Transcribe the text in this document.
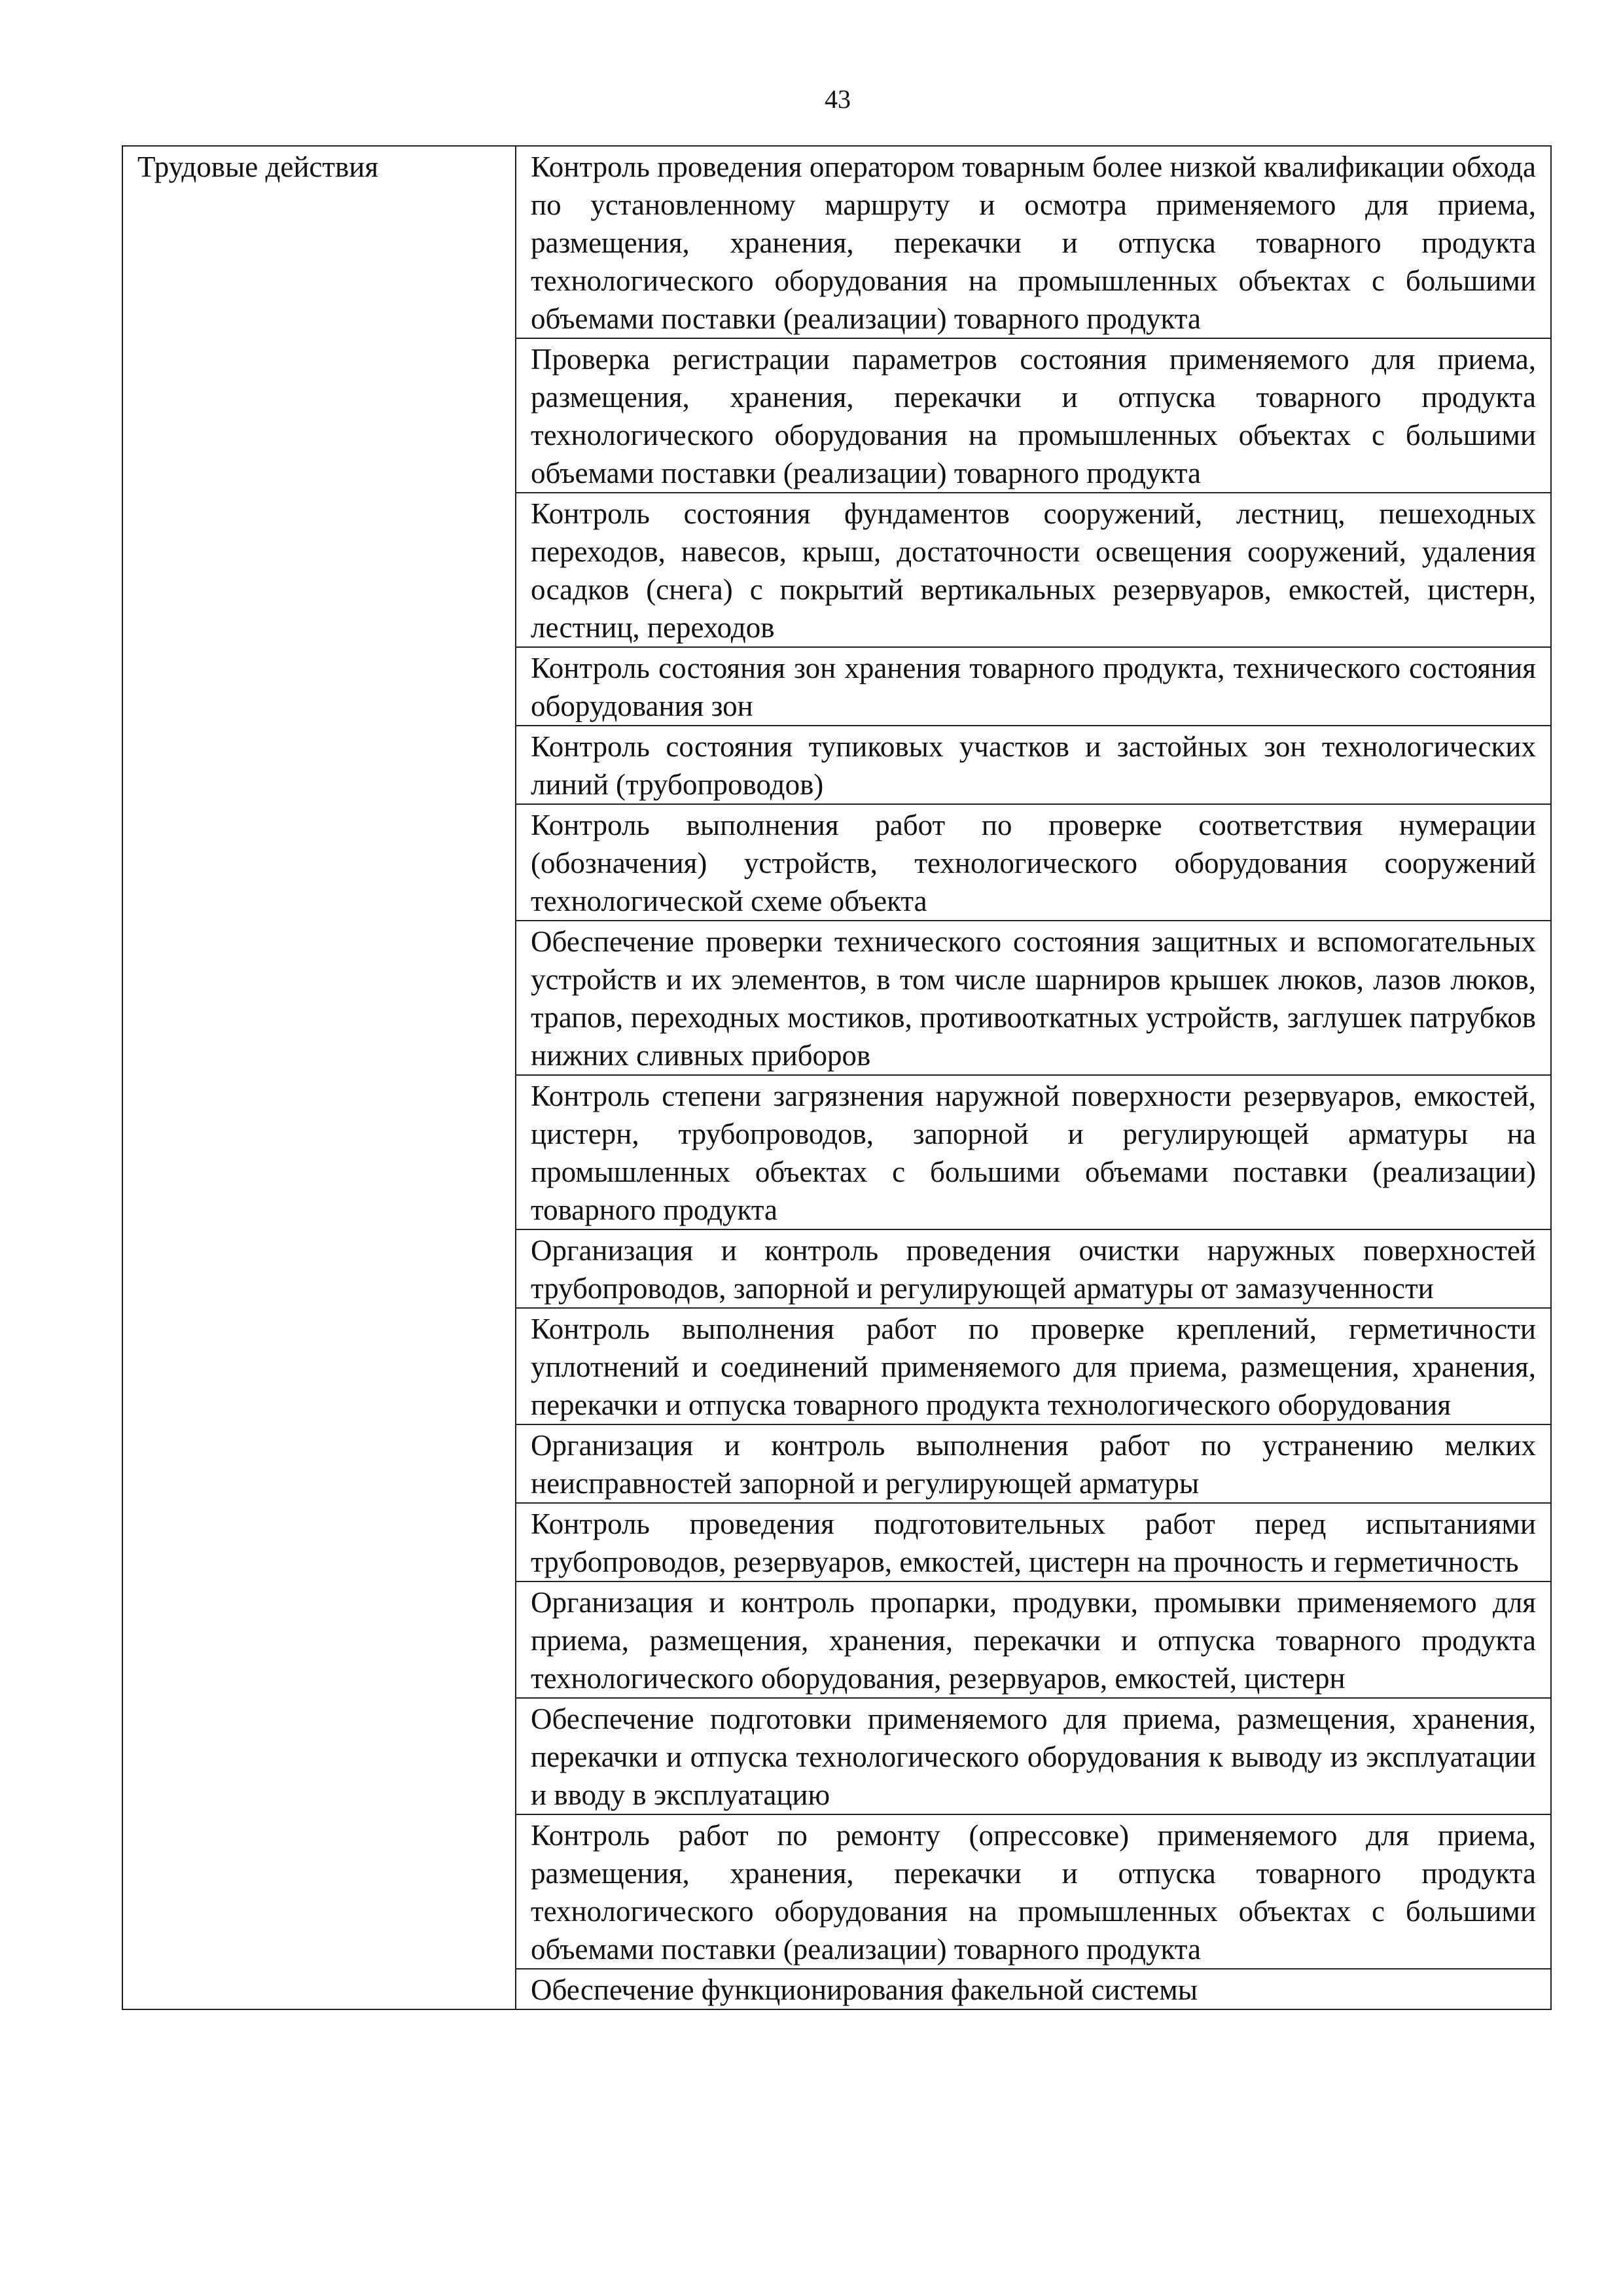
43
Трудовые действия	Контроль проведения оператором товарным более низкой квалификации обхода по установленному маршруту и осмотра применяемого для приема, размещения, хранения, перекачки и отпуска товарного продукта технологического оборудования на промышленных объектах с большими объемами поставки (реализации) товарного продукта
Проверка регистрации параметров состояния применяемого для приема, размещения, хранения, перекачки и отпуска товарного продукта технологического оборудования на промышленных объектах с большими объемами поставки (реализации) товарного продукта
Контроль состояния фундаментов сооружений, лестниц, пешеходных переходов, навесов, крыш, достаточности освещения сооружений, удаления осадков (снега) с покрытий вертикальных резервуаров, емкостей, цистерн, лестниц, переходов
Контроль состояния зон хранения товарного продукта, технического состояния оборудования зон
Контроль состояния тупиковых участков и застойных зон технологических линий (трубопроводов)
Контроль выполнения работ по проверке соответствия нумерации (обозначения) устройств, технологического оборудования сооружений технологической схеме объекта
Обеспечение проверки технического состояния защитных и вспомогательных устройств и их элементов, в том числе шарниров крышек люков, лазов люков, трапов, переходных мостиков, противооткатных устройств, заглушек патрубков нижних сливных приборов
Контроль степени загрязнения наружной поверхности резервуаров, емкостей, цистерн, трубопроводов, запорной и регулирующей арматуры на промышленных объектах с большими объемами поставки (реализации) товарного продукта
Организация и контроль проведения очистки наружных поверхностей трубопроводов, запорной и регулирующей арматуры от замазученности
Контроль выполнения работ по проверке креплений, герметичности уплотнений и соединений применяемого для приема, размещения, хранения, перекачки и отпуска товарного продукта технологического оборудования
Организация и контроль выполнения работ по устранению мелких неисправностей запорной и регулирующей арматуры
Контроль проведения подготовительных работ перед испытаниями трубопроводов, резервуаров, емкостей, цистерн на прочность и герметичность
Организация и контроль пропарки, продувки, промывки применяемого для приема, размещения, хранения, перекачки и отпуска товарного продукта технологического оборудования, резервуаров, емкостей, цистерн
Обеспечение подготовки применяемого для приема, размещения, хранения, перекачки и отпуска технологического оборудования к выводу из эксплуатации и вводу в эксплуатацию
Контроль работ по ремонту (опрессовке) применяемого для приема, размещения, хранения, перекачки и отпуска товарного продукта технологического оборудования на промышленных объектах с большими объемами поставки (реализации) товарного продукта
Обеспечение функционирования факельной системы
